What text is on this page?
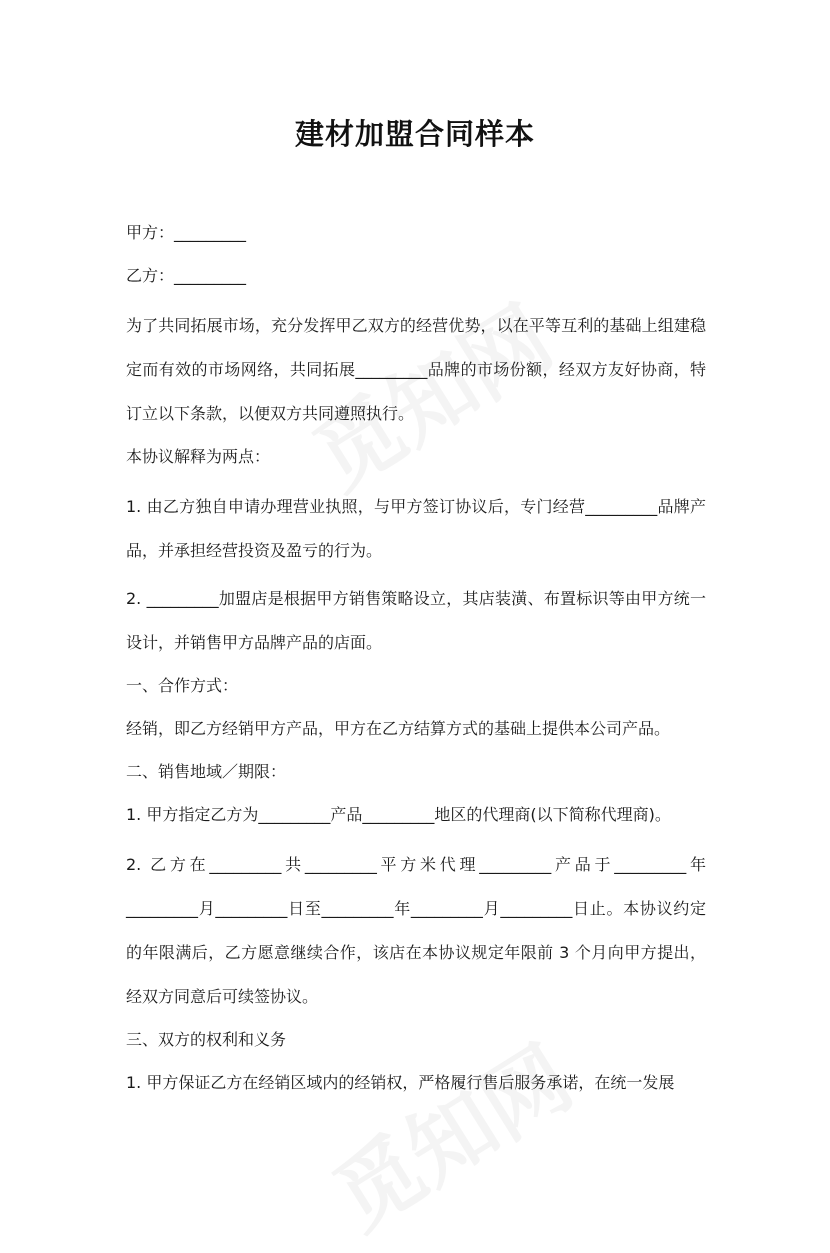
建材加盟合同样本

甲方：_________

乙方：_________

为了共同拓展市场，充分发挥甲乙双方的经营优势，以在平等互利的基础上组建稳定而有效的市场网络，共同拓展_________品牌的市场份额，经双方友好协商，特订立以下条款，以便双方共同遵照执行。

本协议解释为两点：

1. 由乙方独自申请办理营业执照，与甲方签订协议后，专门经营_________品牌产品，并承担经营投资及盈亏的行为。

2. _________加盟店是根据甲方销售策略设立，其店装潢、布置标识等由甲方统一设计，并销售甲方品牌产品的店面。

一、合作方式：

经销，即乙方经销甲方产品，甲方在乙方结算方式的基础上提供本公司产品。

二、销售地域／期限：

1. 甲方指定乙方为_________产品_________地区的代理商(以下简称代理商)。

2. 乙方在_________共_________平方米代理_________产品于_________年_________月_________日至_________年_________月_________日止。本协议约定的年限满后，乙方愿意继续合作，该店在本协议规定年限前 3 个月向甲方提出，经双方同意后可续签协议。

三、双方的权利和义务

1. 甲方保证乙方在经销区域内的经销权，严格履行售后服务承诺，在统一发展
